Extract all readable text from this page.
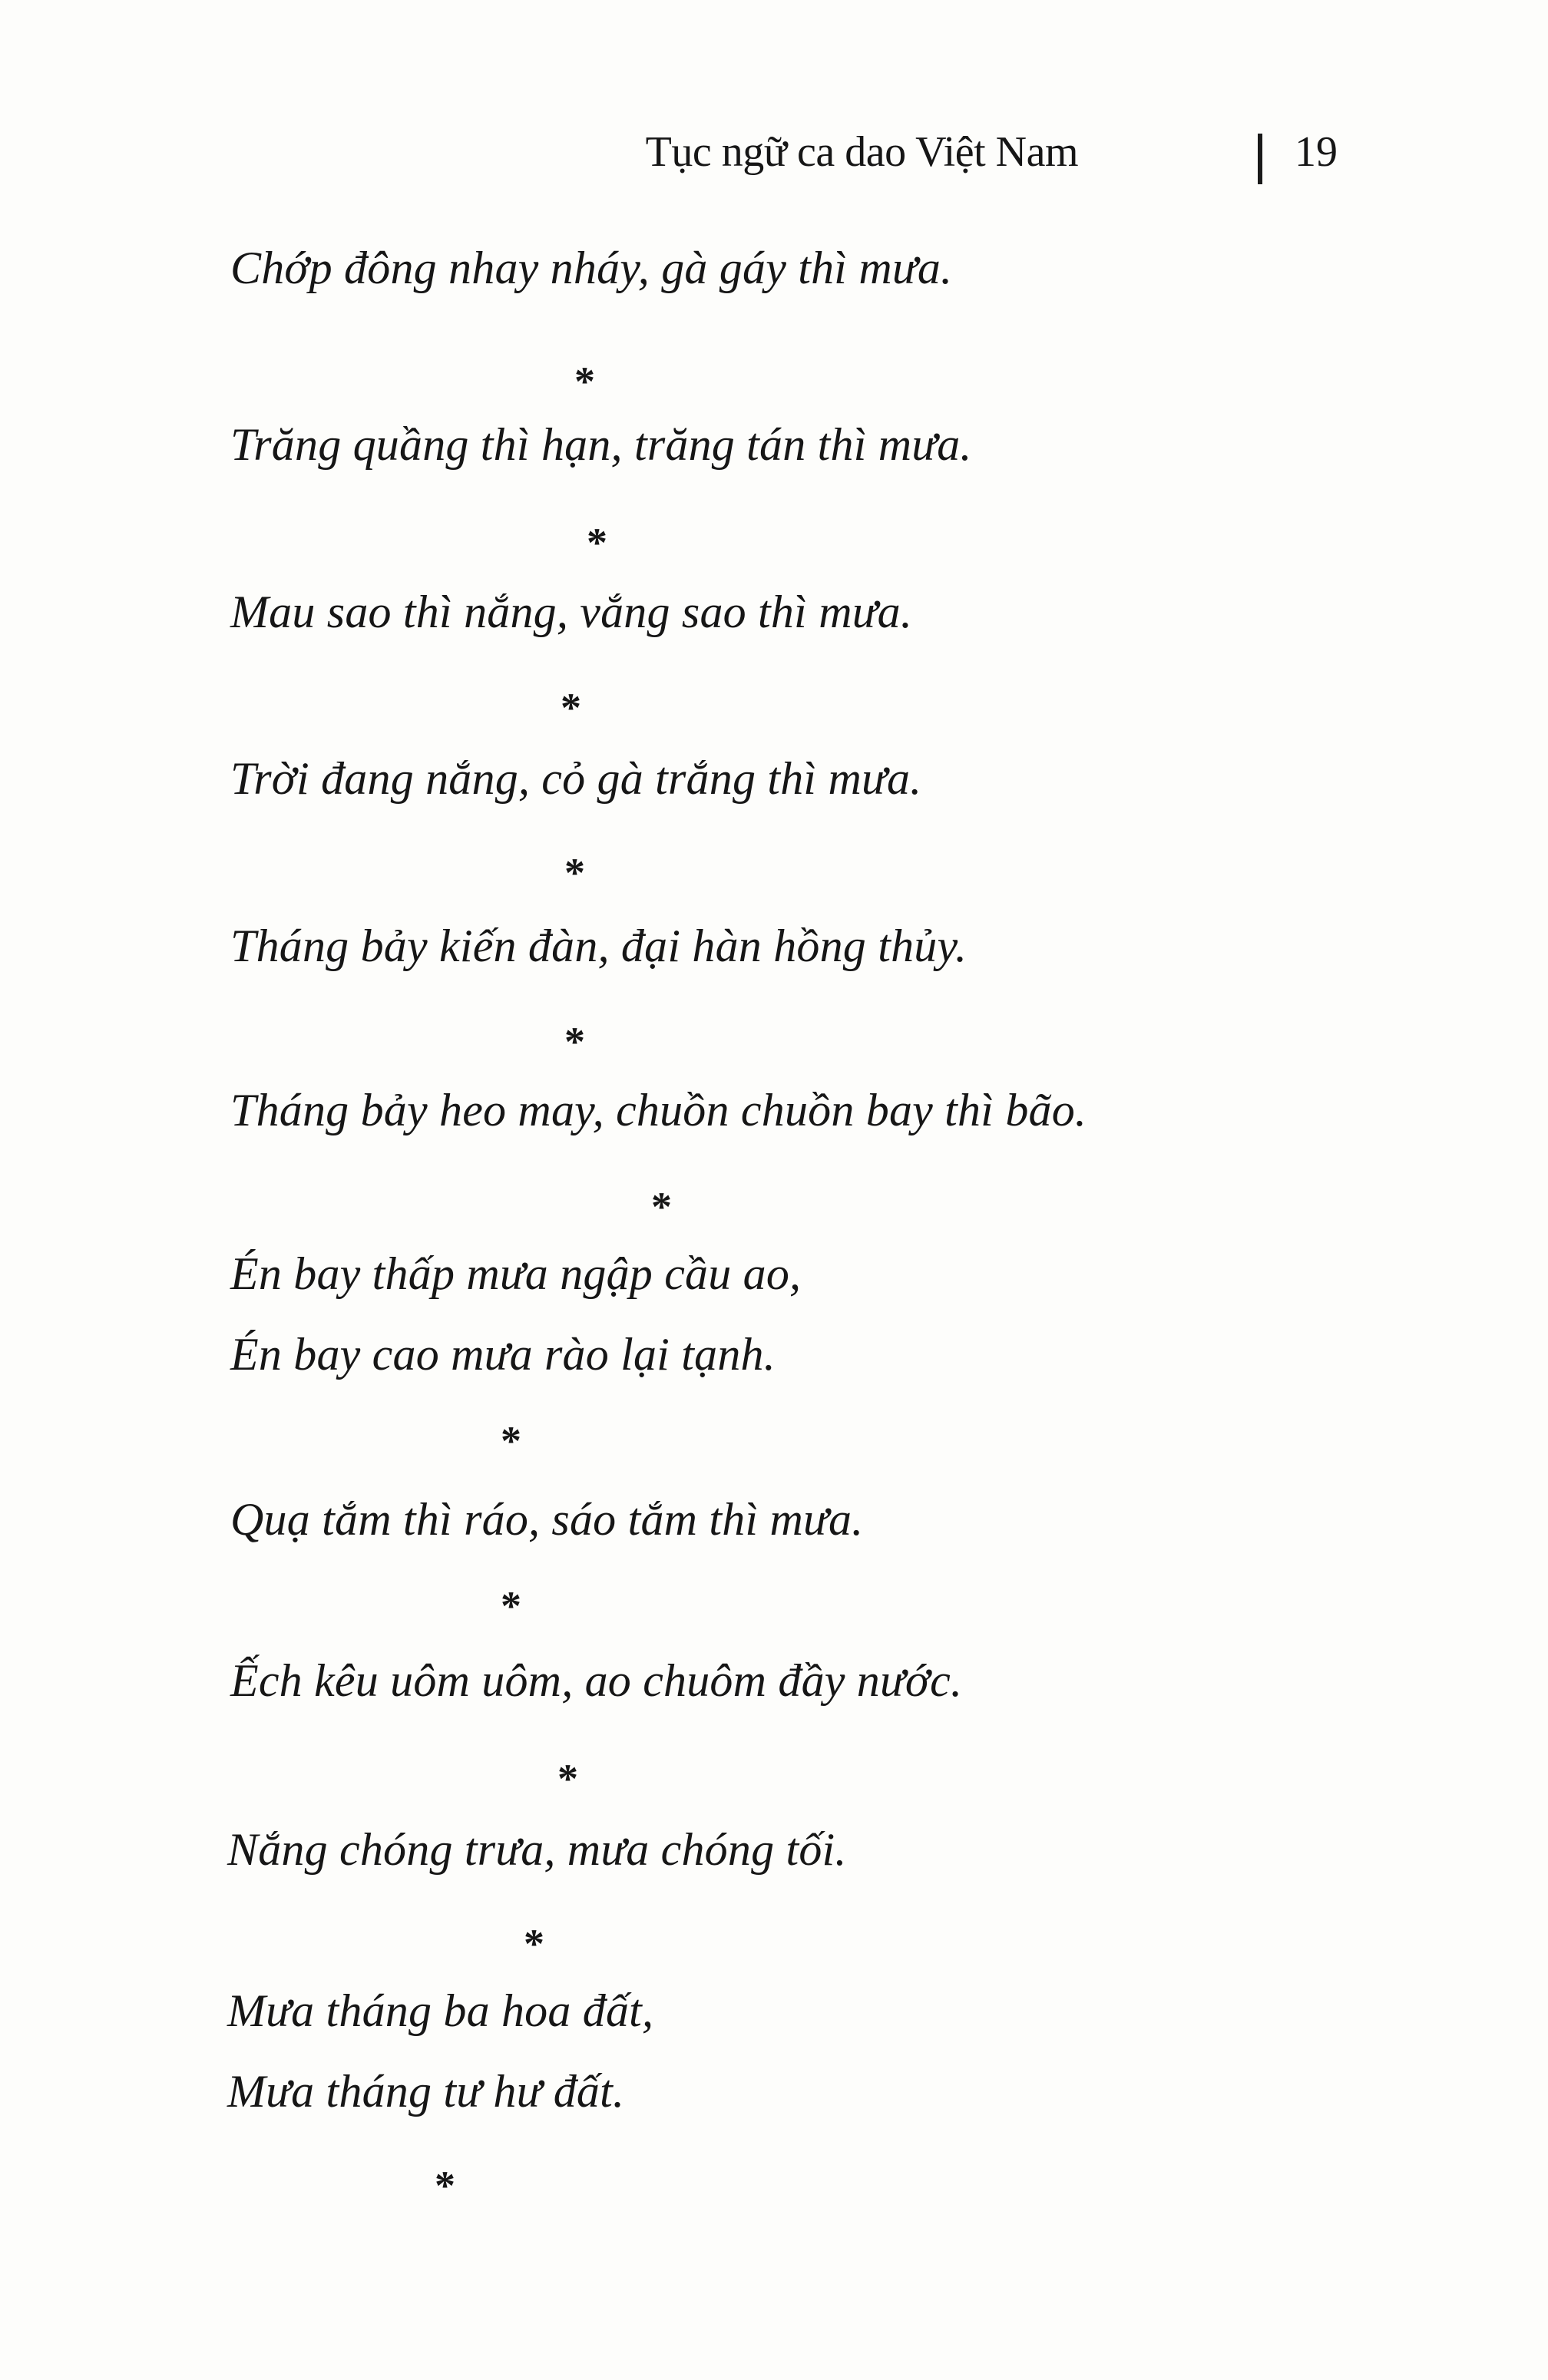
Tục ngữ ca dao Việt Nam	19
Chớp đông nhay nháy, gà gáy thì mưa.
*
Trăng quầng thì hạn, trăng tán thì mưa.
*
Mau sao thì nắng, vắng sao thì mưa.
*
Trời đang nắng, cỏ gà trắng thì mưa.
*
Tháng bảy kiến đàn, đại hàn hồng thủy.
*
Tháng bảy heo may, chuồn chuồn bay thì bão.
*
Én bay thấp mưa ngập cầu ao,
Én bay cao mưa rào lại tạnh.
*
Quạ tắm thì ráo, sáo tắm thì mưa.
*
Ếch kêu uôm uôm, ao chuôm đầy nước.
*
Nắng chóng trưa, mưa chóng tối.
*
Mưa tháng ba hoa đất,
Mưa tháng tư hư đất.
*
